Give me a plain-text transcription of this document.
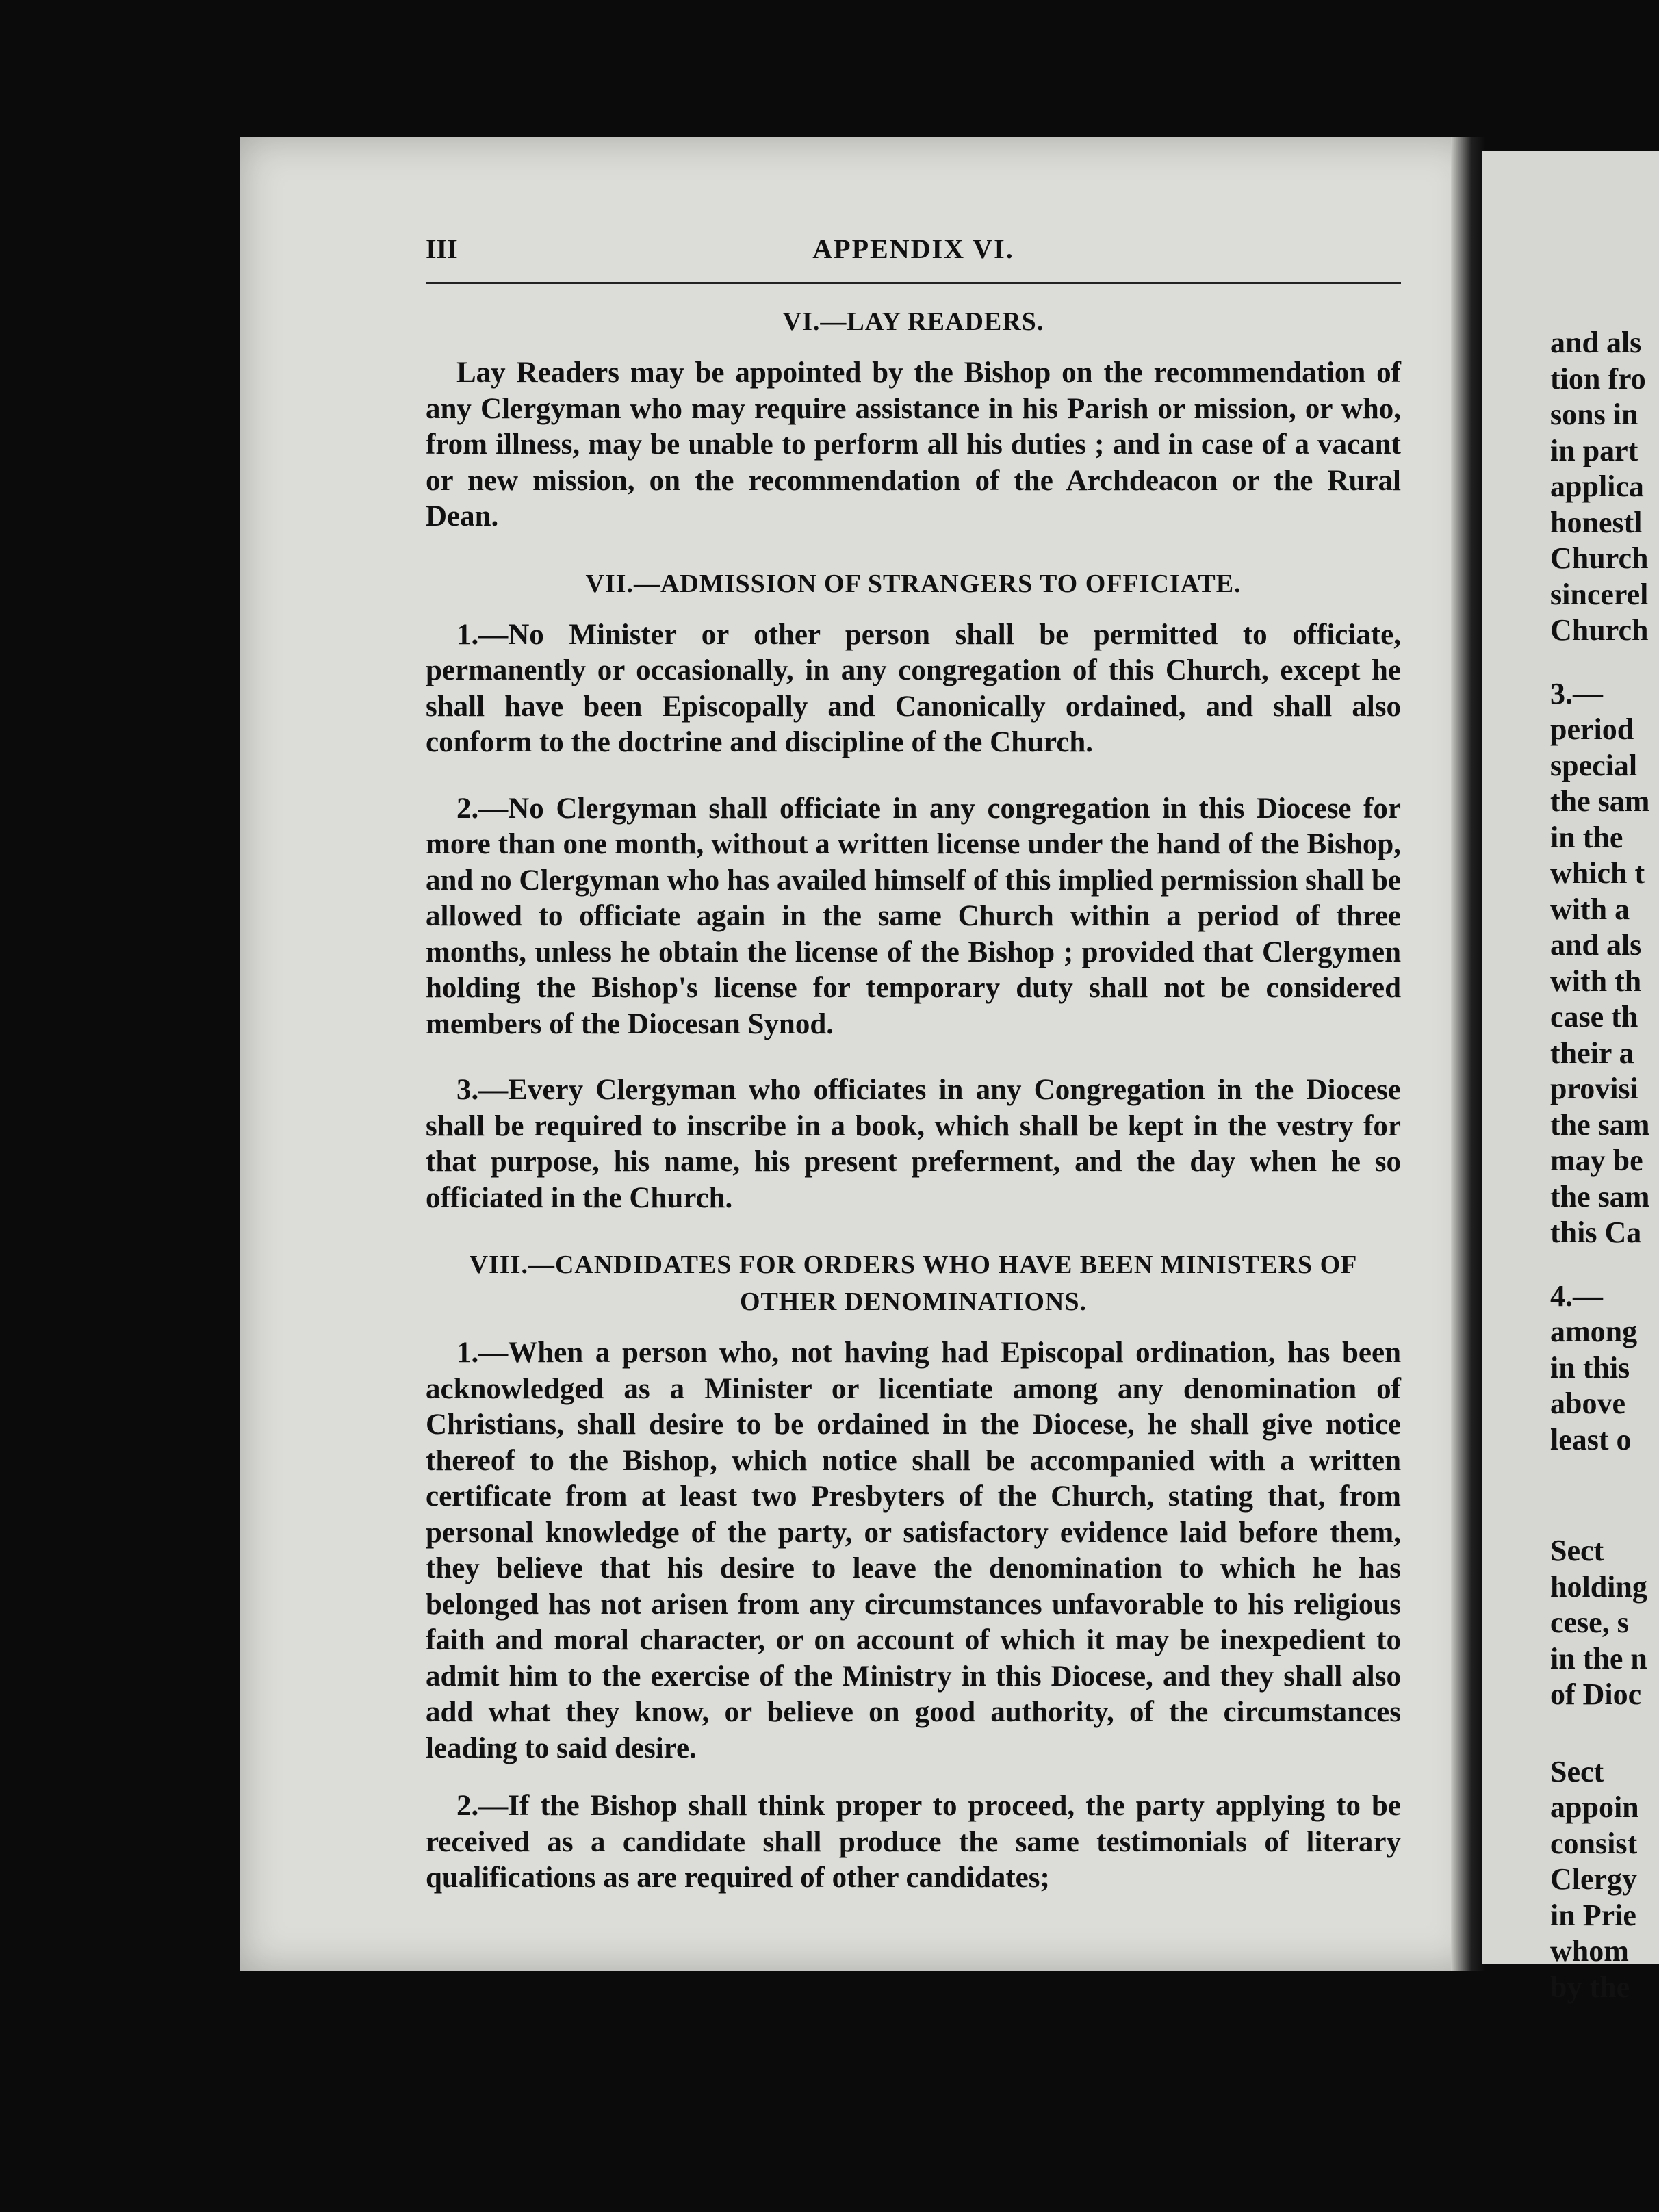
and als
tion fro
sons in
in part
applica
honestl
Church
sincerel
Church
3.—
period
special
the sam
in the
which t
with a
and als
with th
case th
their a
provisi
the sam
may be
the sam
this Ca
4.—
among
in this
above
least o
Sect
holding
cese, s
in the n
of Dioc
Sect
appoin
consist
Clergy
in Prie
whom
by the
III	APPENDIX VI.
VI.—LAY READERS.

Lay Readers may be appointed by the Bishop on the recommendation of any Clergyman who may require assistance in his Parish or mission, or who, from illness, may be unable to perform all his duties ; and in case of a vacant or new mission, on the recommendation of the Archdeacon or the Rural Dean.

VII.—ADMISSION OF STRANGERS TO OFFICIATE.

1.—No Minister or other person shall be permitted to officiate, permanently or occasionally, in any congregation of this Church, except he shall have been Episcopally and Canonically ordained, and shall also conform to the doctrine and discipline of the Church.

2.—No Clergyman shall officiate in any congregation in this Diocese for more than one month, without a written license under the hand of the Bishop, and no Clergyman who has availed himself of this implied permission shall be allowed to officiate again in the same Church within a period of three months, unless he obtain the license of the Bishop ; provided that Clergymen holding the Bishop's license for temporary duty shall not be considered members of the Diocesan Synod.

3.—Every Clergyman who officiates in any Congregation in the Diocese shall be required to inscribe in a book, which shall be kept in the vestry for that purpose, his name, his present preferment, and the day when he so officiated in the Church.

VIII.—CANDIDATES FOR ORDERS WHO HAVE BEEN MINISTERS OF OTHER DENOMINATIONS.

1.—When a person who, not having had Episcopal ordination, has been acknowledged as a Minister or licentiate among any denomination of Christians, shall desire to be ordained in the Diocese, he shall give notice thereof to the Bishop, which notice shall be accompanied with a written certificate from at least two Presbyters of the Church, stating that, from personal knowledge of the party, or satisfactory evidence laid before them, they believe that his desire to leave the denomination to which he has belonged has not arisen from any circumstances unfavorable to his religious faith and moral character, or on account of which it may be inexpedient to admit him to the exercise of the Ministry in this Diocese, and they shall also add what they know, or believe on good authority, of the circumstances leading to said desire.

2.—If the Bishop shall think proper to proceed, the party applying to be received as a candidate shall produce the same testimonials of literary qualifications as are required of other candidates;
